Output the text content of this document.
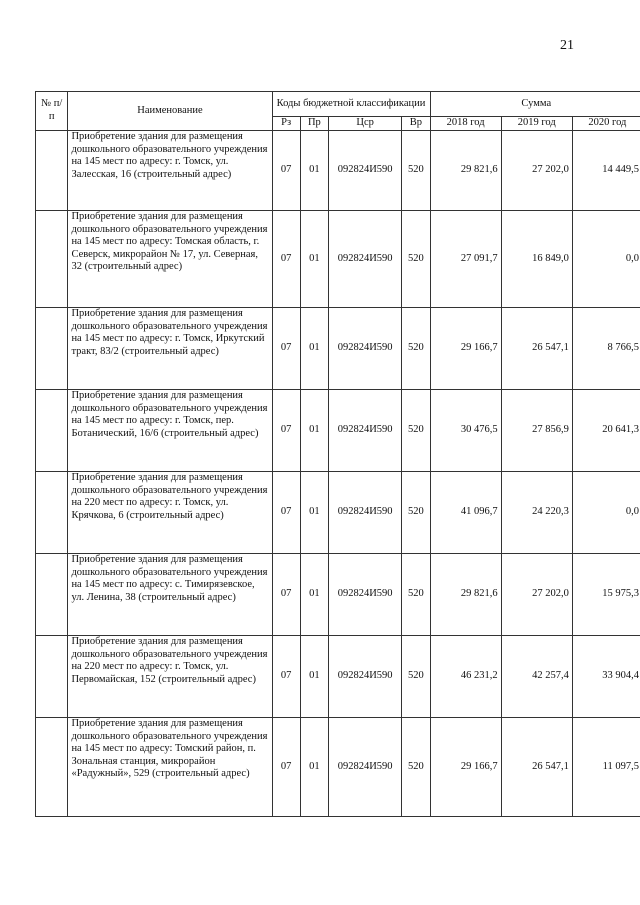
21
№ п/п	Наименование	Коды бюджетной классификации				Сумма		
		Рз	Пр	Цср	Вр	2018 год	2019 год	2020 год
	Приобретение здания для размещения дошкольного образовательного учреждения на 145 мест по адресу: г. Томск, ул. Залесская, 16 (строительный адрес)	07	01	092824И590	520	29 821,6	27 202,0	14 449,5
	Приобретение здания для размещения дошкольного образовательного учреждения на 145 мест по адресу: Томская область, г. Северск, микрорайон № 17, ул. Северная, 32 (строительный адрес)	07	01	092824И590	520	27 091,7	16 849,0	0,0
	Приобретение здания для размещения дошкольного образовательного учреждения на 145 мест по адресу: г. Томск, Иркутский тракт, 83/2 (строительный адрес)	07	01	092824И590	520	29 166,7	26 547,1	8 766,5
	Приобретение здания для размещения дошкольного образовательного учреждения на 145 мест по адресу: г. Томск, пер. Ботанический, 16/6 (строительный адрес)	07	01	092824И590	520	30 476,5	27 856,9	20 641,3
	Приобретение здания для размещения дошкольного образовательного учреждения на 220 мест по адресу: г. Томск, ул. Крячкова, 6 (строительный адрес)	07	01	092824И590	520	41 096,7	24 220,3	0,0
	Приобретение здания для размещения дошкольного образовательного учреждения на 145 мест по адресу: с. Тимирязевское, ул. Ленина, 38 (строительный адрес)	07	01	092824И590	520	29 821,6	27 202,0	15 975,3
	Приобретение здания для размещения дошкольного образовательного учреждения на 220 мест по адресу: г. Томск, ул. Первомайская, 152 (строительный адрес)	07	01	092824И590	520	46 231,2	42 257,4	33 904,4
	Приобретение здания для размещения дошкольного образовательного учреждения на 145 мест по адресу: Томский район, п. Зональная станция, микрорайон «Радужный», 529 (строительный адрес)	07	01	092824И590	520	29 166,7	26 547,1	11 097,5
